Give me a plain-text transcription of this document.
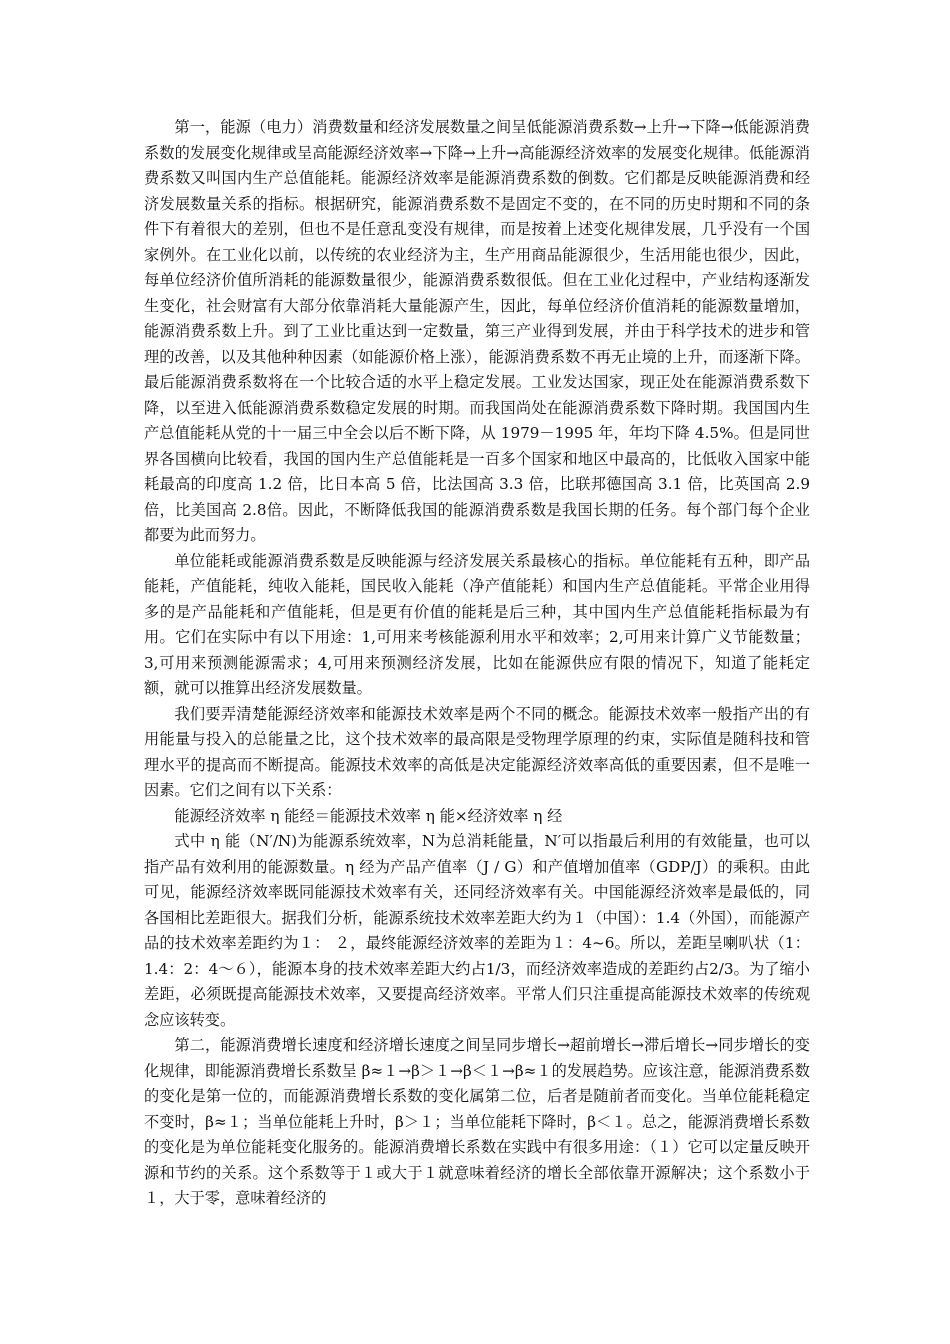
第一，能源（电力）消费数量和经济发展数量之间呈低能源消费系数→上升→下降→低能源消费系数的发展变化规律或呈高能源经济效率→下降→上升→高能源经济效率的发展变化规律。低能源消费系数又叫国内生产总值能耗。能源经济效率是能源消费系数的倒数。它们都是反映能源消费和经济发展数量关系的指标。根据研究，能源消费系数不是固定不变的，在不同的历史时期和不同的条件下有着很大的差别，但也不是任意乱变没有规律，而是按着上述变化规律发展，几乎没有一个国家例外。在工业化以前，以传统的农业经济为主，生产用商品能源很少，生活用能也很少，因此，每单位经济价值所消耗的能源数量很少，能源消费系数很低。但在工业化过程中，产业结构逐渐发生变化，社会财富有大部分依靠消耗大量能源产生，因此，每单位经济价值消耗的能源数量增加，能源消费系数上升。到了工业比重达到一定数量，第三产业得到发展，并由于科学技术的进步和管理的改善，以及其他种种因素（如能源价格上涨），能源消费系数不再无止境的上升，而逐渐下降。最后能源消费系数将在一个比较合适的水平上稳定发展。工业发达国家，现正处在能源消费系数下降，以至进入低能源消费系数稳定发展的时期。而我国尚处在能源消费系数下降时期。我国国内生产总值能耗从党的十一届三中全会以后不断下降，从 1979－1995 年，年均下降 4.5%。但是同世界各国横向比较看，我国的国内生产总值能耗是一百多个国家和地区中最高的，比低收入国家中能耗最高的印度高 1.2 倍，比日本高 5 倍，比法国高 3.3 倍，比联邦德国高 3.1 倍，比英国高 2.9倍，比美国高 2.8倍。因此，不断降低我国的能源消费系数是我国长期的任务。每个部门每个企业都要为此而努力。

单位能耗或能源消费系数是反映能源与经济发展关系最核心的指标。单位能耗有五种，即产品能耗，产值能耗，纯收入能耗，国民收入能耗（净产值能耗）和国内生产总值能耗。平常企业用得多的是产品能耗和产值能耗，但是更有价值的能耗是后三种，其中国内生产总值能耗指标最为有用。它们在实际中有以下用途：1,可用来考核能源利用水平和效率；2,可用来计算广义节能数量；3,可用来预测能源需求；4,可用来预测经济发展，比如在能源供应有限的情况下，知道了能耗定额，就可以推算出经济发展数量。

我们要弄清楚能源经济效率和能源技术效率是两个不同的概念。能源技术效率一般指产出的有用能量与投入的总能量之比，这个技术效率的最高限是受物理学原理的约束，实际值是随科技和管理水平的提高而不断提高。能源技术效率的高低是决定能源经济效率高低的重要因素，但不是唯一因素。它们之间有以下关系：

能源经济效率 η 能经＝能源技术效率 η 能×经济效率 η 经

式中 η 能（N′/N)为能源系统效率，N为总消耗能量，N′可以指最后利用的有效能量，也可以指产品有效利用的能源数量。η 经为产品产值率（J / G）和产值增加值率（GDP/J）的乘积。由此可见，能源经济效率既同能源技术效率有关，还同经济效率有关。中国能源经济效率是最低的，同各国相比差距很大。据我们分析，能源系统技术效率差距大约为１（中国）：1.4（外国），而能源产品的技术效率差距约为１： ２，最终能源经济效率的差距为１：4~6。所以，差距呈喇叭状（1：1.4：2：4～６），能源本身的技术效率差距大约占1/3，而经济效率造成的差距约占2/3。为了缩小差距，必须既提高能源技术效率，又要提高经济效率。平常人们只注重提高能源技术效率的传统观念应该转变。

第二，能源消费增长速度和经济增长速度之间呈同步增长→超前增长→滞后增长→同步增长的变化规律，即能源消费增长系数呈 β≈１→β＞１→β＜１→β≈１的发展趋势。应该注意，能源消费系数的变化是第一位的，而能源消费增长系数的变化属第二位，后者是随前者而变化。当单位能耗稳定不变时，β≈１；当单位能耗上升时，β＞１；当单位能耗下降时，β＜１。总之，能源消费增长系数的变化是为单位能耗变化服务的。能源消费增长系数在实践中有很多用途：（１）它可以定量反映开源和节约的关系。这个系数等于１或大于１就意味着经济的增长全部依靠开源解决；这个系数小于１，大于零，意味着经济的
